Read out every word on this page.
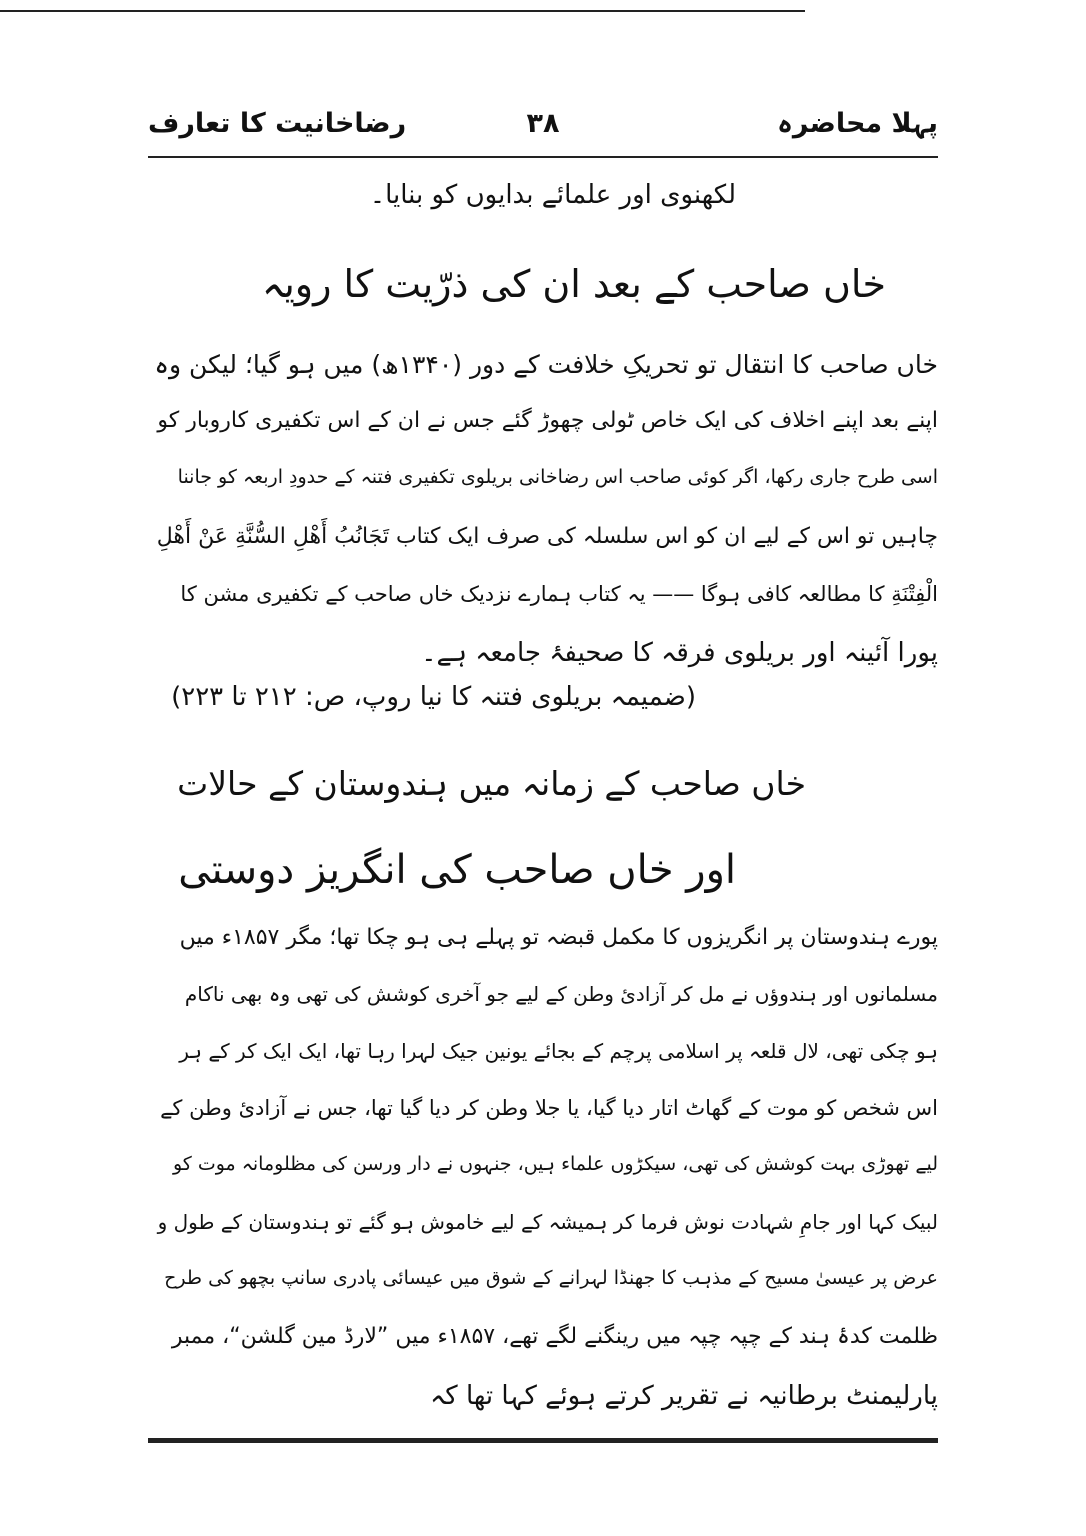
پہلا محاضرہ
۳۸
رضاخانیت کا تعارف
لکھنوی اور علمائے بدایوں کو بنایا۔
خاں صاحب کے بعد ان کی ذرّیت کا رویہ
خاں صاحب کا انتقال تو تحریکِ خلافت کے دور (۱۳۴۰ھ) میں ہو گیا؛ لیکن وہ
اپنے بعد اپنے اخلاف کی ایک خاص ٹولی چھوڑ گئے جس نے ان کے اس تکفیری کاروبار کو
اسی طرح جاری رکھا، اگر کوئی صاحب اس رضاخانی بریلوی تکفیری فتنہ کے حدودِ اربعہ کو جاننا
چاہیں تو اس کے لیے ان کو اس سلسلہ کی صرف ایک کتاب تَجَانُبُ أَهْلِ السُّنَّةِ عَنْ أَهْلِ
الْفِتْنَةِ کا مطالعہ کافی ہوگا —— یہ کتاب ہمارے نزدیک خاں صاحب کے تکفیری مشن کا
پورا آئینہ اور بریلوی فرقہ کا صحیفۂ جامعہ ہے۔
(ضمیمہ بریلوی فتنہ کا نیا روپ، ص: ۲۱۲ تا ۲۲۳)
خاں صاحب کے زمانہ میں ہندوستان کے حالات
اور خاں صاحب کی انگریز دوستی
پورے ہندوستان پر انگریزوں کا مکمل قبضہ تو پہلے ہی ہو چکا تھا؛ مگر ۱۸۵۷ء میں
مسلمانوں اور ہندوؤں نے مل کر آزادئ وطن کے لیے جو آخری کوشش کی تھی وہ بھی ناکام
ہو چکی تھی، لال قلعہ پر اسلامی پرچم کے بجائے یونین جیک لہرا رہا تھا، ایک ایک کر کے ہر
اس شخص کو موت کے گھاٹ اتار دیا گیا، یا جلا وطن کر دیا گیا تھا، جس نے آزادئ وطن کے
لیے تھوڑی بہت کوشش کی تھی، سیکڑوں علماء ہیں، جنہوں نے دار ورسن کی مظلومانہ موت کو
لبیک کہا اور جامِ شہادت نوش فرما کر ہمیشہ کے لیے خاموش ہو گئے تو ہندوستان کے طول و
عرض پر عیسیٰ مسیح کے مذہب کا جھنڈا لہرانے کے شوق میں عیسائی پادری سانپ بچھو کی طرح
ظلمت کدۂ ہند کے چپہ چپہ میں رینگنے لگے تھے، ۱۸۵۷ء میں ”لارڈ مین گلشن“، ممبر
پارلیمنٹ برطانیہ نے تقریر کرتے ہوئے کہا تھا کہ
